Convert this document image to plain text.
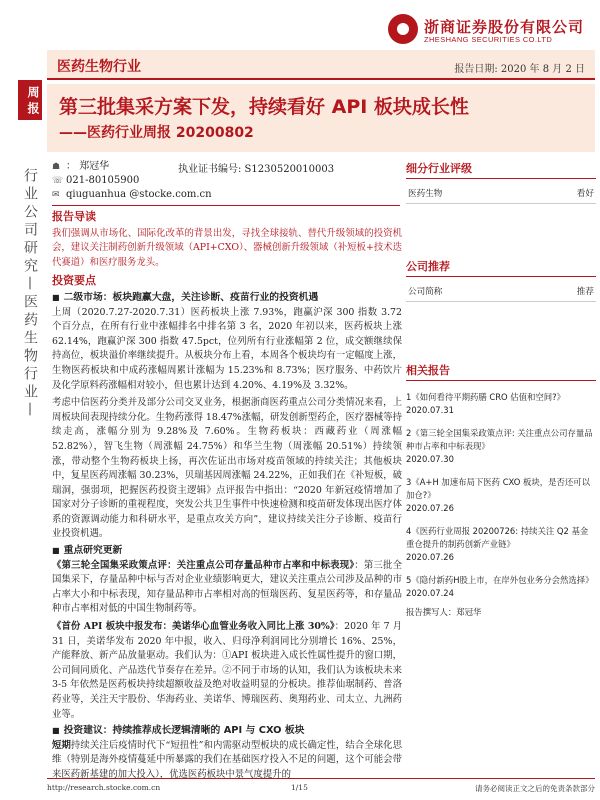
浙商证券股份有限公司
ZHESHANG SECURITIES CO.LTD
医药生物行业	报告日期: 2020 年 8 月 2 日
周报
行业公司研究—医药生物行业—
第三批集采方案下发，持续看好 API 板块成长性
——医药行业周报 20200802
☗ ：
郑冠华
☏ 021-80105900
✉ qiuguanhua @stocke.com.cn
执业证书编号: S1230520010003
报告导读
我们强调从市场化、国际化改革的背景出发，寻找全球接轨、替代升级领域的投资机会，建议关注制药创新升级领域（API+CXO）、器械创新升级领域（补短板+技术迭代赛道）和医疗服务龙头。
投资要点
■ 二级市场：板块跑赢大盘，关注诊断、疫苗行业的投资机遇
上周（2020.7.27-2020.7.31）医药板块上涨 7.93%，跑赢沪深 300 指数 3.72 个百分点，在所有行业中涨幅排名中排名第 3 名，2020 年初以来，医药板块上涨 62.14%，跑赢沪深 300 指数 47.5pct，位列所有行业涨幅第 2 位，成交额继续保持高位，板块溢价率继续提升。从板块分布上看，本周各个板块均有一定幅度上涨，生物医药板块和中成药涨幅周累计涨幅为 15.23%和 8.73%；医疗服务、中药饮片及化学原料药涨幅相对较小，但也累计达到 4.20%、4.19%及 3.32%。
考虑中信医药分类并及部分公司交叉业务，根据浙商医药重点公司分类情况来看，上周板块间表现持续分化。生物药涨得 18.47%涨幅，研发创新型药企，医疗器械等持续走高，涨幅分别为 9.28%及 7.60%。生物药板块：西藏药业（周涨幅 52.82%），智飞生物（周涨幅 24.75%）和华兰生物（周涨幅 20.51%）持续领涨，带动整个生物药板块上扬，再次佐证出市场对疫苗领域的持续关注；其他板块中，复星医药周涨幅 30.23%，贝瑞基因周涨幅 24.22%，正如我们在《补短板，破瑞洞，强弱项，把握医药投资主逻辑》点评报告中指出：“2020 年新冠疫情增加了国家对分子诊断的重视程度，突发公共卫生事件中快速检测和疫苗研发体现出医疗体系的资源调动能力和科研水平，是重点攻关方向”，建议持续关注分子诊断、疫苗行业投资机遇。
■ 重点研究更新
《第三轮全国集采政策点评：关注重点公司存量品种市占率和中标表现》：第三批全国集采下，存量品种中标与否对企业业绩影响更大，建议关注重点公司涉及品种的市占率大小和中标表现，知存量品种市占率相对高的恒瑞医药、复星医药等，和存量品种市占率相对低的中国生物制药等。
《首份 API 板块中报发布：美诺华心血管业务收入同比上涨 30%》：2020 年 7 月 31 日，美诺华发布 2020 年中报，收入、归母净利润同比分别增长 16%、25%，产能释放、新产品放量驱动。我们认为：①API 板块进入成长性属性提升的窗口期，公司间同质化、产品迭代节奏存在差异。②不同于市场的认知，我们认为该板块未来 3-5 年依然是医药板块持续超额收益及绝对收益明显的分板块。推荐仙琚制药、普洛药业等，关注天宇股份、华海药业、美诺华、博瑞医药、奥翔药业、司太立、九洲药业等。
■ 投资建议：持续推荐成长逻辑清晰的 API 与 CXO 板块
短期持续关注后疫情时代下“短扭性”和内需驱动型板块的成长确定性，结合全球化思维（特别是海外疫情蔓延中所暴露的我们在基础医疗投入不足的问题，这个可能会带来医药新基建的加大投入），优选医药板块中景气度提升的
细分行业评级
医药生物	看好
公司推荐
公司简称	推荐
相关报告
1《如何看待平期药膳 CRO 估值和空间?》
2020.07.31
2《第三轮全国集采政策点评: 关注重点公司存量品种市占率和中标表现》
2020.07.30
3《A+H 加速布局下医药 CXO 板块，是否还可以加仓?》
2020.07.26
4《医药行业周报 20200726: 持续关注 Q2 基金重仓提升的制药创新产业链》
2020.07.26
5《隐付新药H股上市，在岸外包业务分会然选择》
2020.07.24
报告撰写人：郑冠华
http://research.stocke.com.cn	1/15	请务必阅读正文之后的免责条款部分
